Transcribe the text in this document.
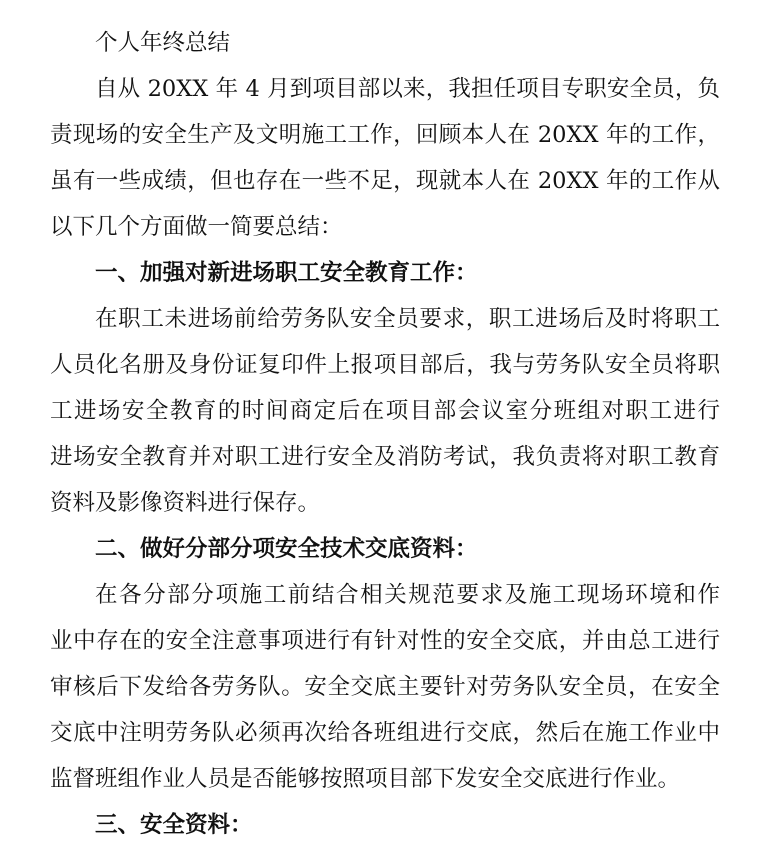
个人年终总结
自从 20XX 年 4 月到项目部以来，我担任项目专职安全员，负
责现场的安全生产及文明施工工作，回顾本人在 20XX 年的工作，
虽有一些成绩，但也存在一些不足，现就本人在 20XX 年的工作从
以下几个方面做一简要总结：
一、加强对新进场职工安全教育工作：
在职工未进场前给劳务队安全员要求，职工进场后及时将职工
人员化名册及身份证复印件上报项目部后，我与劳务队安全员将职
工进场安全教育的时间商定后在项目部会议室分班组对职工进行
进场安全教育并对职工进行安全及消防考试，我负责将对职工教育
资料及影像资料进行保存。
二、做好分部分项安全技术交底资料：
在各分部分项施工前结合相关规范要求及施工现场环境和作
业中存在的安全注意事项进行有针对性的安全交底，并由总工进行
审核后下发给各劳务队。安全交底主要针对劳务队安全员，在安全
交底中注明劳务队必须再次给各班组进行交底，然后在施工作业中
监督班组作业人员是否能够按照项目部下发安全交底进行作业。
三、安全资料：
